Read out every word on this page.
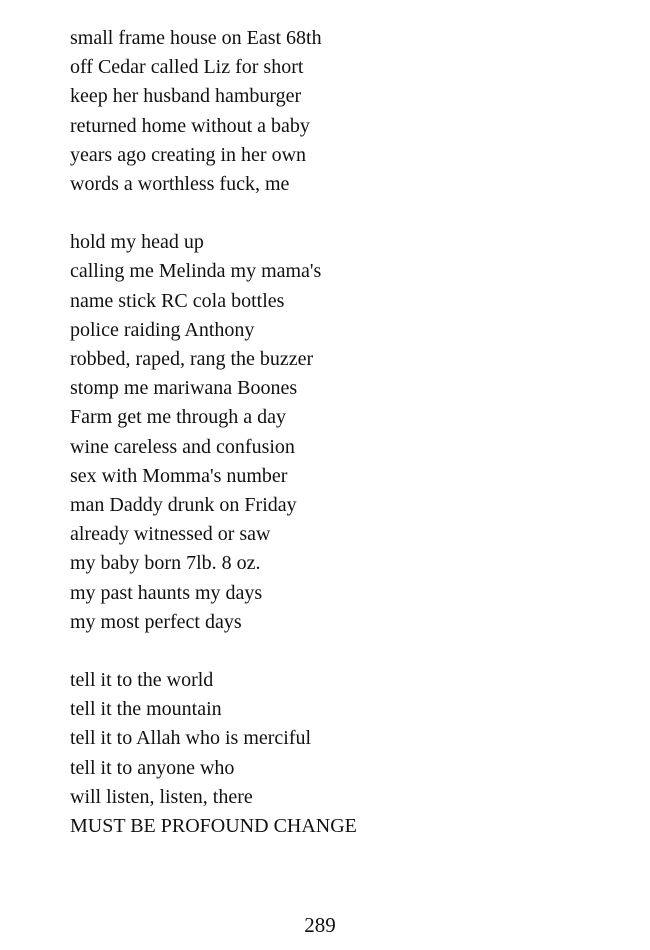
small frame house on East 68th
off Cedar called Liz for short
keep her husband hamburger
returned home without a baby
years ago creating in her own
words a worthless fuck, me
hold my head up
calling me Melinda my mama's
name stick RC cola bottles
police raiding Anthony
robbed, raped, rang the buzzer
stomp me mariwana Boones
Farm get me through a day
wine careless and confusion
sex with Momma's number
man Daddy drunk on Friday
already witnessed or saw
my baby born 7lb. 8 oz.
my past haunts my days
my most perfect days
tell it to the world
tell it the mountain
tell it to Allah who is merciful
tell it to anyone who
will listen, listen, there
MUST BE PROFOUND CHANGE
289
